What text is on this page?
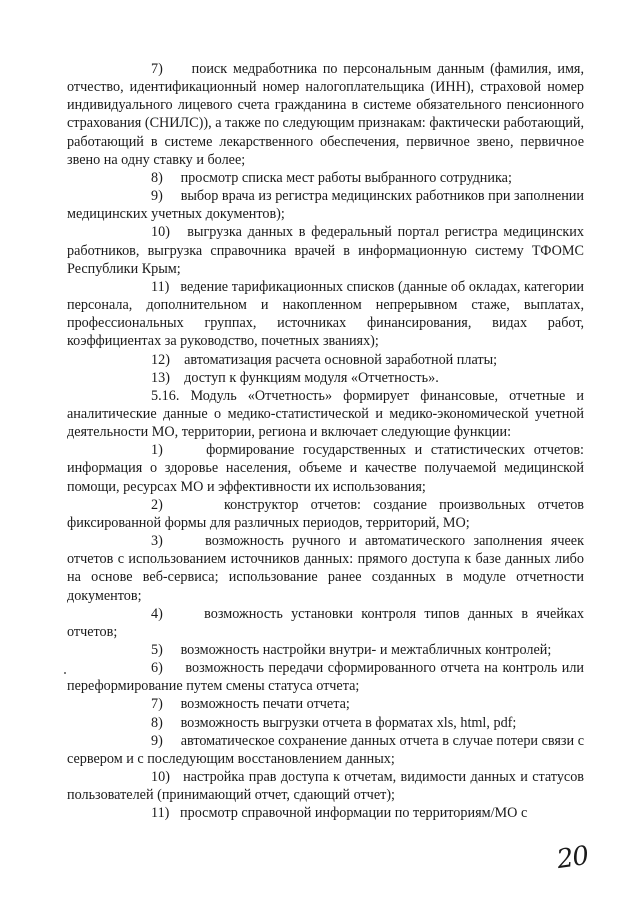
7) поиск медработника по персональным данным (фамилия, имя, отчество, идентификационный номер налогоплательщика (ИНН), страховой номер индивидуального лицевого счета гражданина в системе обязательного пенсионного страхования (СНИЛС)), а также по следующим признакам: фактически работающий, работающий в системе лекарственного обеспечения, первичное звено, первичное звено на одну ставку и более;

8) просмотр списка мест работы выбранного сотрудника;

9) выбор врача из регистра медицинских работников при заполнении медицинских учетных документов);

10) выгрузка данных в федеральный портал регистра медицинских работников, выгрузка справочника врачей в информационную систему ТФОМС Республики Крым;

11) ведение тарификационных списков (данные об окладах, категории персонала, дополнительном и накопленном непрерывном стаже, выплатах, профессиональных группах, источниках финансирования, видах работ, коэффициентах за руководство, почетных званиях);

12) автоматизация расчета основной заработной платы;

13) доступ к функциям модуля «Отчетность».

5.16. Модуль «Отчетность» формирует финансовые, отчетные и аналитические данные о медико-статистической и медико-экономической учетной деятельности МО, территории, региона и включает следующие функции:

1)	формирование государственных и статистических отчетов: информация о здоровье населения, объеме и качестве получаемой медицинской помощи, ресурсах МО и эффективности их использования;

2)	конструктор отчетов: создание произвольных отчетов фиксированной формы для различных периодов, территорий, МО;

3)	возможность ручного и автоматического заполнения ячеек отчетов с использованием источников данных: прямого доступа к базе данных либо на основе веб-сервиса; использование ранее созданных в модуле отчетности документов;

4)	возможность установки контроля типов данных в ячейках отчетов;

5) возможность настройки внутри- и межтабличных контролей;

6) возможность передачи сформированного отчета на контроль или переформирование путем смены статуса отчета;

7) возможность печати отчета;

8) возможность выгрузки отчета в форматах xls, html, pdf;

9) автоматическое сохранение данных отчета в случае потери связи с сервером и с последующим восстановлением данных;

10) настройка прав доступа к отчетам, видимости данных и статусов пользователей (принимающий отчет, сдающий отчет);

11) просмотр справочной информации по территориям/МО с

20
